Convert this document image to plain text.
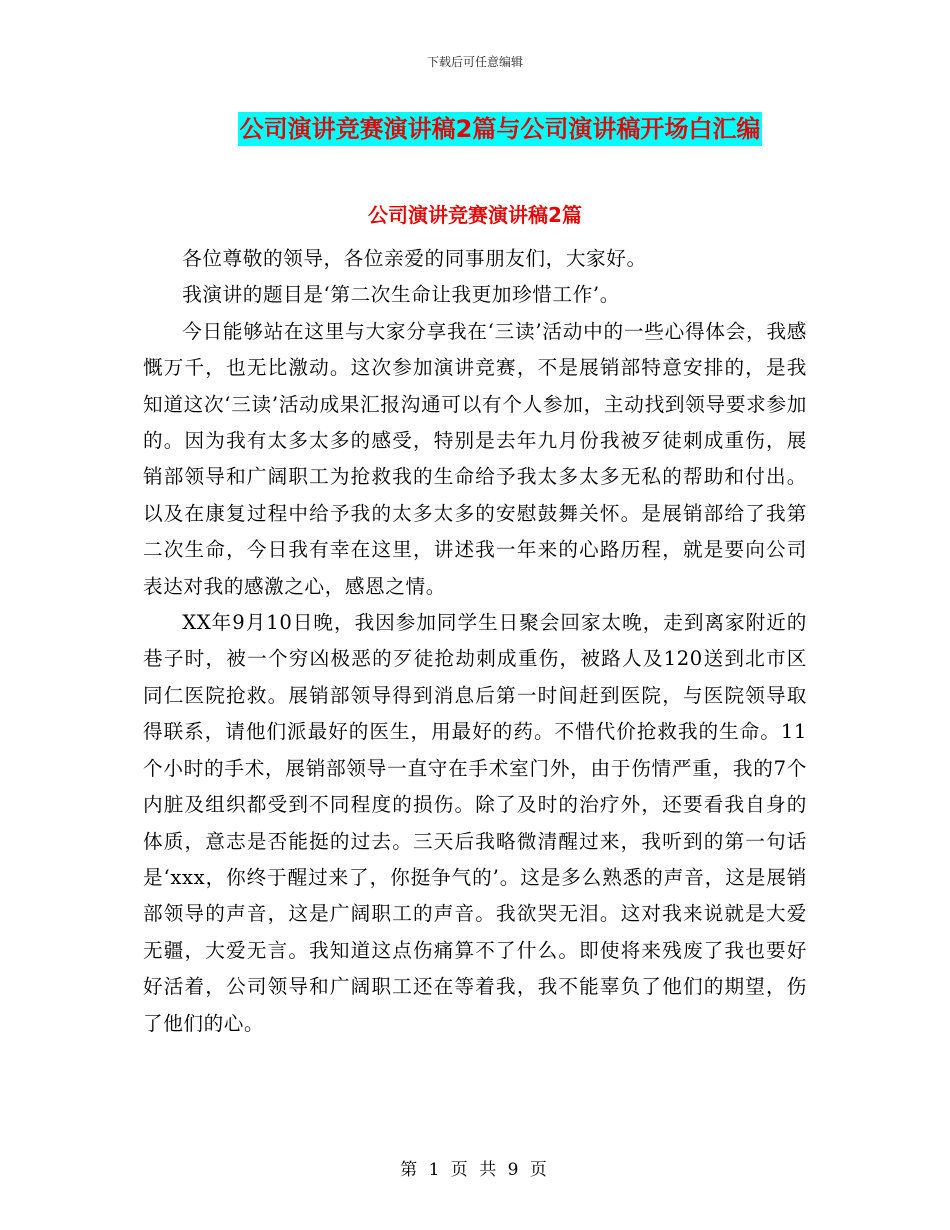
下载后可任意编辑
公司演讲竞赛演讲稿2篇与公司演讲稿开场白汇编
公司演讲竞赛演讲稿2篇

各位尊敬的领导，各位亲爱的同事朋友们，大家好。

我演讲的题目是‘第二次生命让我更加珍惜工作’。

今日能够站在这里与大家分享我在‘三读’活动中的一些心得体会，我感慨万千，也无比激动。这次参加演讲竞赛，不是展销部特意安排的，是我知道这次‘三读’活动成果汇报沟通可以有个人参加，主动找到领导要求参加的。因为我有太多太多的感受，特别是去年九月份我被歹徒刺成重伤，展销部领导和广阔职工为抢救我的生命给予我太多太多无私的帮助和付出。以及在康复过程中给予我的太多太多的安慰鼓舞关怀。是展销部给了我第二次生命，今日我有幸在这里，讲述我一年来的心路历程，就是要向公司表达对我的感激之心，感恩之情。

XX年9月10日晚，我因参加同学生日聚会回家太晚，走到离家附近的巷子时，被一个穷凶极恶的歹徒抢劫刺成重伤，被路人及120送到北市区同仁医院抢救。展销部领导得到消息后第一时间赶到医院，与医院领导取得联系，请他们派最好的医生，用最好的药。不惜代价抢救我的生命。11个小时的手术，展销部领导一直守在手术室门外，由于伤情严重，我的7个内脏及组织都受到不同程度的损伤。除了及时的治疗外，还要看我自身的体质，意志是否能挺的过去。三天后我略微清醒过来，我听到的第一句话是‘xxx，你终于醒过来了，你挺争气的’。这是多么熟悉的声音，这是展销部领导的声音，这是广阔职工的声音。我欲哭无泪。这对我来说就是大爱无疆，大爱无言。我知道这点伤痛算不了什么。即使将来残废了我也要好好活着，公司领导和广阔职工还在等着我，我不能辜负了他们的期望，伤了他们的心。

第 1 页 共 9 页
